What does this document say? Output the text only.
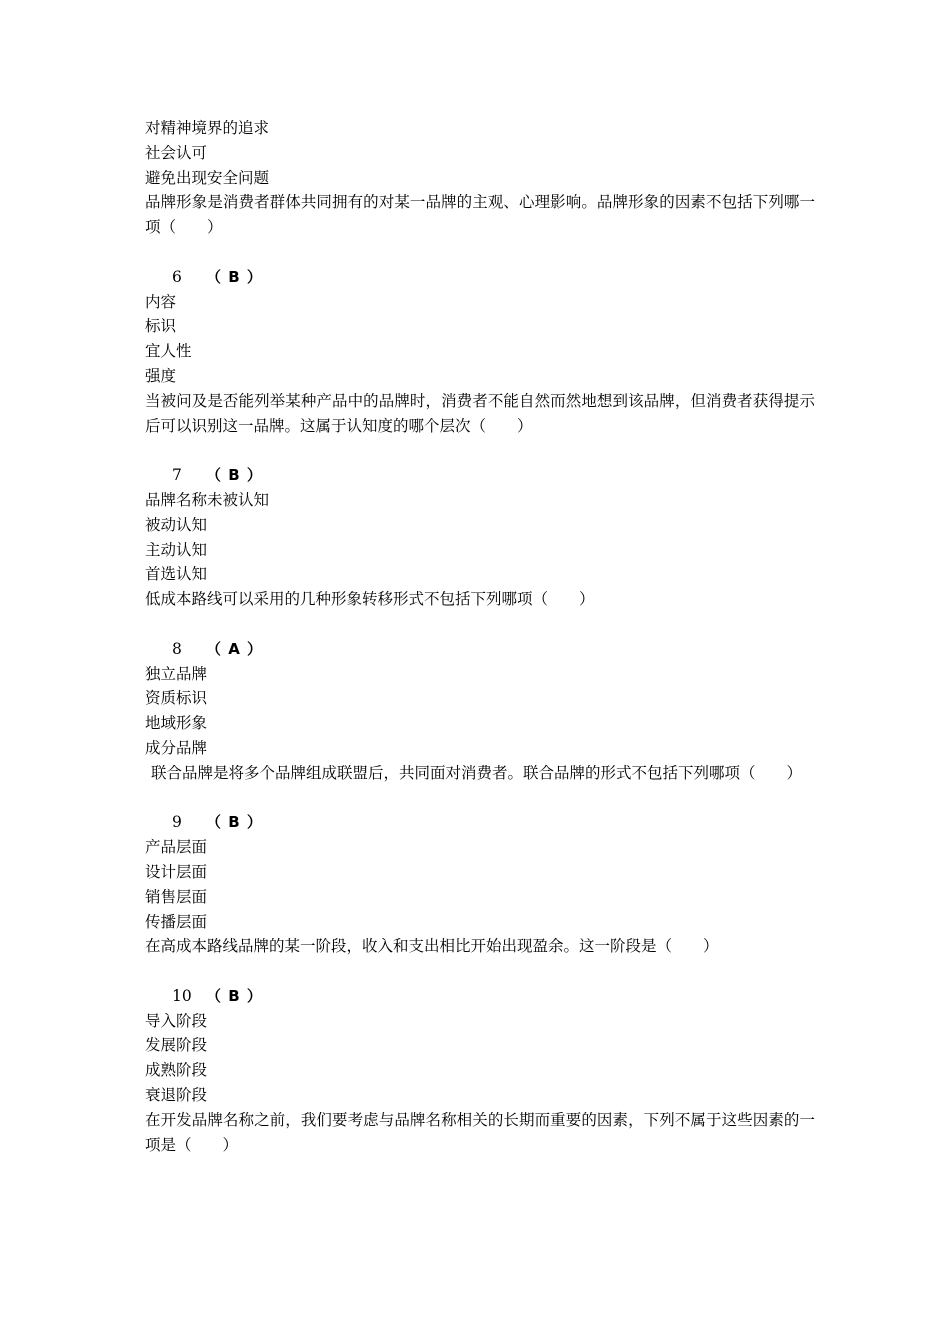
对精神境界的追求
社会认可
避免出现安全问题
品牌形象是消费者群体共同拥有的对某一品牌的主观、心理影响。品牌形象的因素不包括下列哪一项（　　）
6 （ B ）
内容
标识
宜人性
强度
当被问及是否能列举某种产品中的品牌时，消费者不能自然而然地想到该品牌，但消费者获得提示后可以识别这一品牌。这属于认知度的哪个层次（　　）
7 （ B ）
品牌名称未被认知
被动认知
主动认知
首选认知
低成本路线可以采用的几种形象转移形式不包括下列哪项（　　）
8 （ A ）
独立品牌
资质标识
地域形象
成分品牌
联合品牌是将多个品牌组成联盟后，共同面对消费者。联合品牌的形式不包括下列哪项（　　）
9 （ B ）
产品层面
设计层面
销售层面
传播层面
在高成本路线品牌的某一阶段，收入和支出相比开始出现盈余。这一阶段是（　　）
10 （ B ）
导入阶段
发展阶段
成熟阶段
衰退阶段
在开发品牌名称之前，我们要考虑与品牌名称相关的长期而重要的因素，下列不属于这些因素的一项是（　　）
